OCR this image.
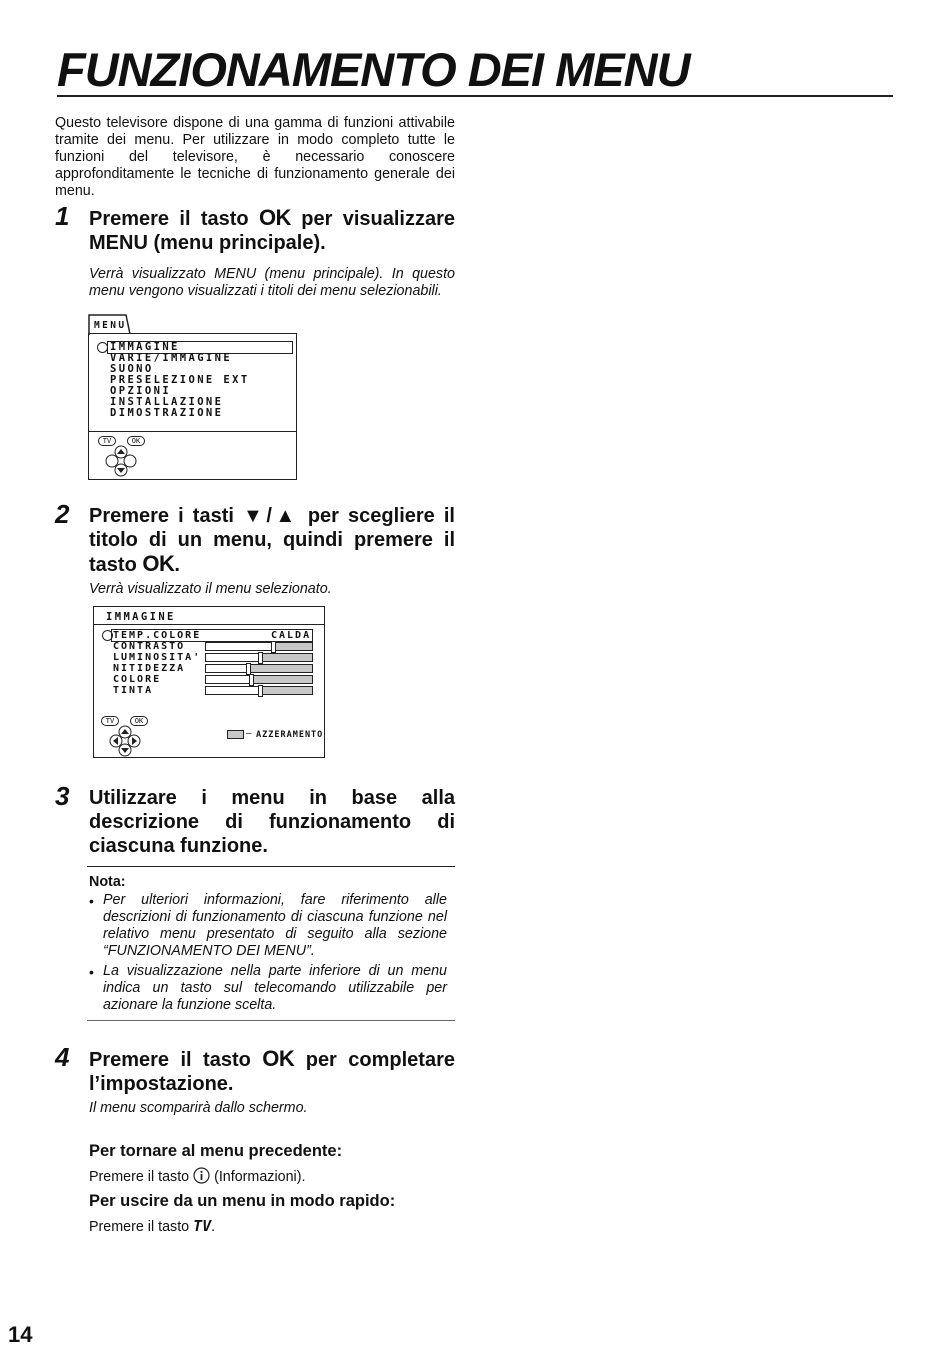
FUNZIONAMENTO DEI MENU
Questo televisore dispone di una gamma di funzioni attivabile tramite dei menu. Per utilizzare in modo completo tutte le funzioni del televisore, è necessario conoscere approfonditamente le tecniche di funzionamento generale dei menu.
1 Premere il tasto OK per visualizzare MENU (menu principale).
Verrà visualizzato MENU (menu principale). In questo menu vengono visualizzati i titoli dei menu selezionabili.
MENU
IMMAGINE
VARIE/IMMAGINE
SUONO
PRESELEZIONE EXT
OPZIONI
INSTALLAZIONE
DIMOSTRAZIONE
TV	OK
2 Premere i tasti ▼/▲ per scegliere il titolo di un menu, quindi premere il tasto OK.
Verrà visualizzato il menu selezionato.
IMMAGINE
TEMP.COLORE	CALDA
CONTRASTO
LUMINOSITA'
NITIDEZZA
COLORE
TINTA
TV	OK
– AZZERAMENTO
3 Utilizzare i menu in base alla descrizione di funzionamento di ciascuna funzione.
Nota:
• Per ulteriori informazioni, fare riferimento alle descrizioni di funzionamento di ciascuna funzione nel relativo menu presentato di seguito alla sezione “FUNZIONAMENTO DEI MENU”.
• La visualizzazione nella parte inferiore di un menu indica un tasto sul telecomando utilizzabile per azionare la funzione scelta.
4 Premere il tasto OK per completare l’impostazione.
Il menu scomparirà dallo schermo.
Per tornare al menu precedente:
Premere il tasto  (Informazioni).
Per uscire da un menu in modo rapido:
Premere il tasto TV.
14
